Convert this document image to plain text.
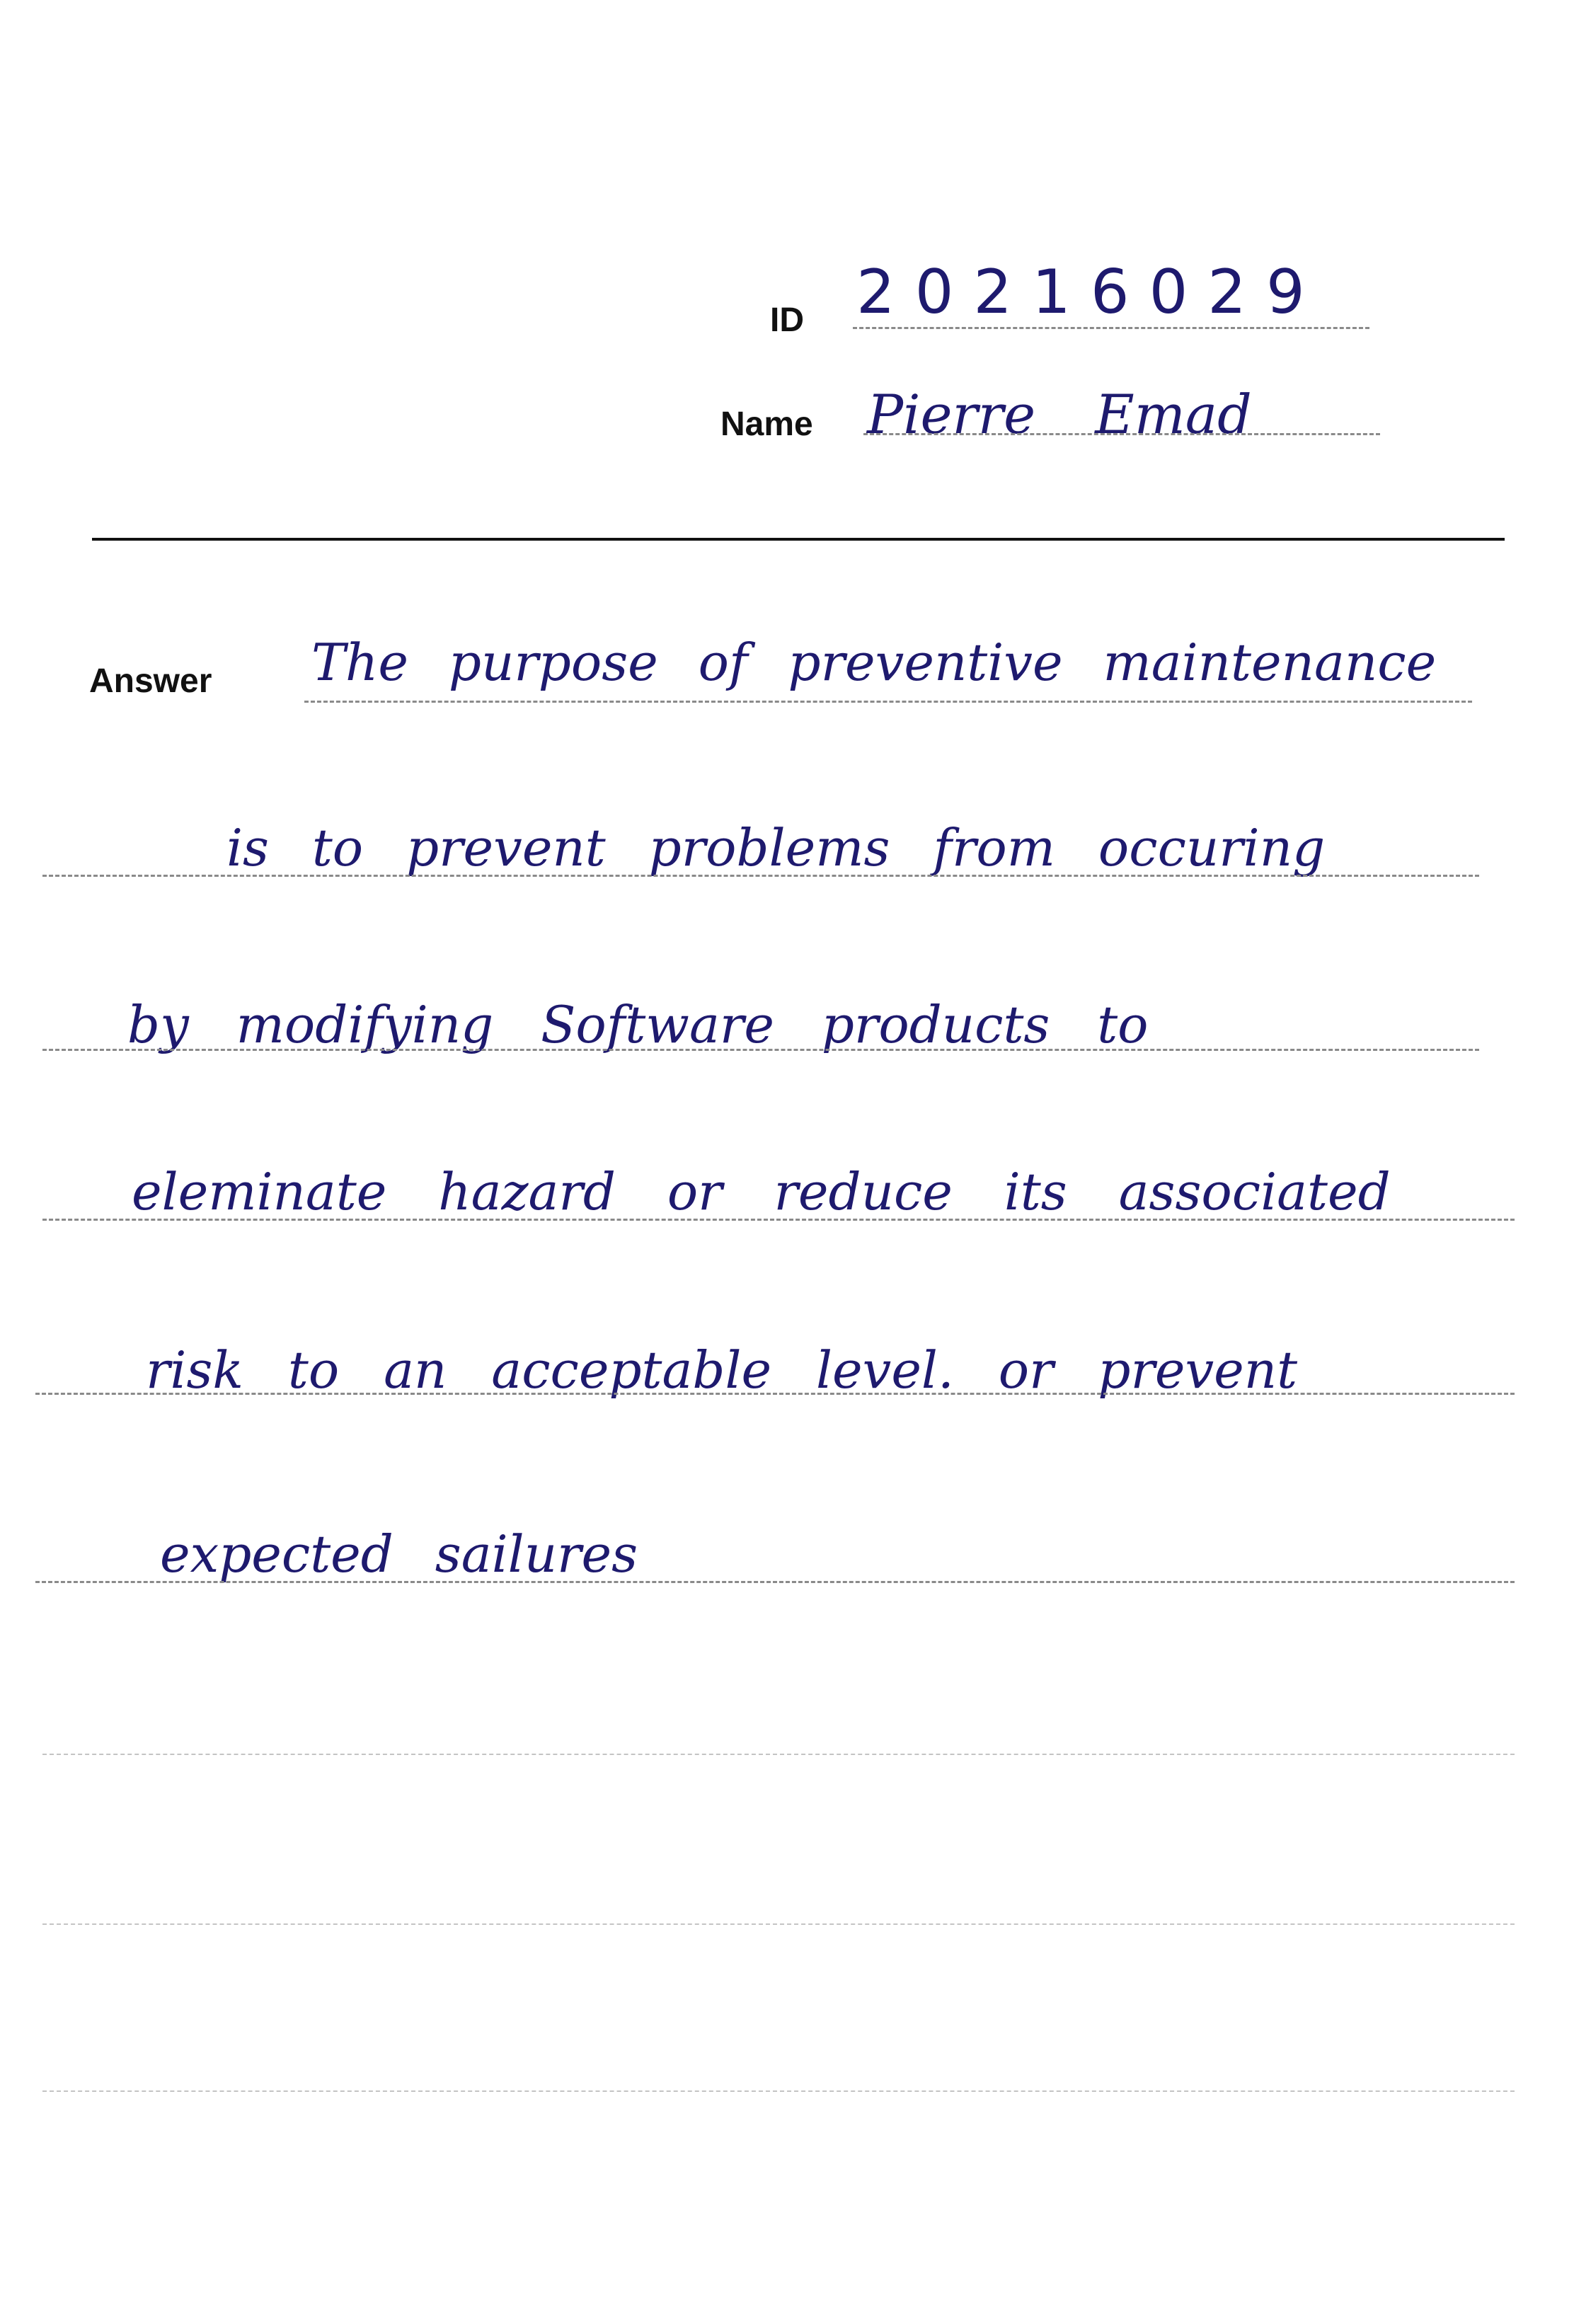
ID 20216029
Name Pierre Emad
Answer The purpose of preventive maintenance
is to prevent problems from occuring
by modifying Software products to
eleminate hazard or reduce its associated
risk to an acceptable level. or prevent
expected sailures
